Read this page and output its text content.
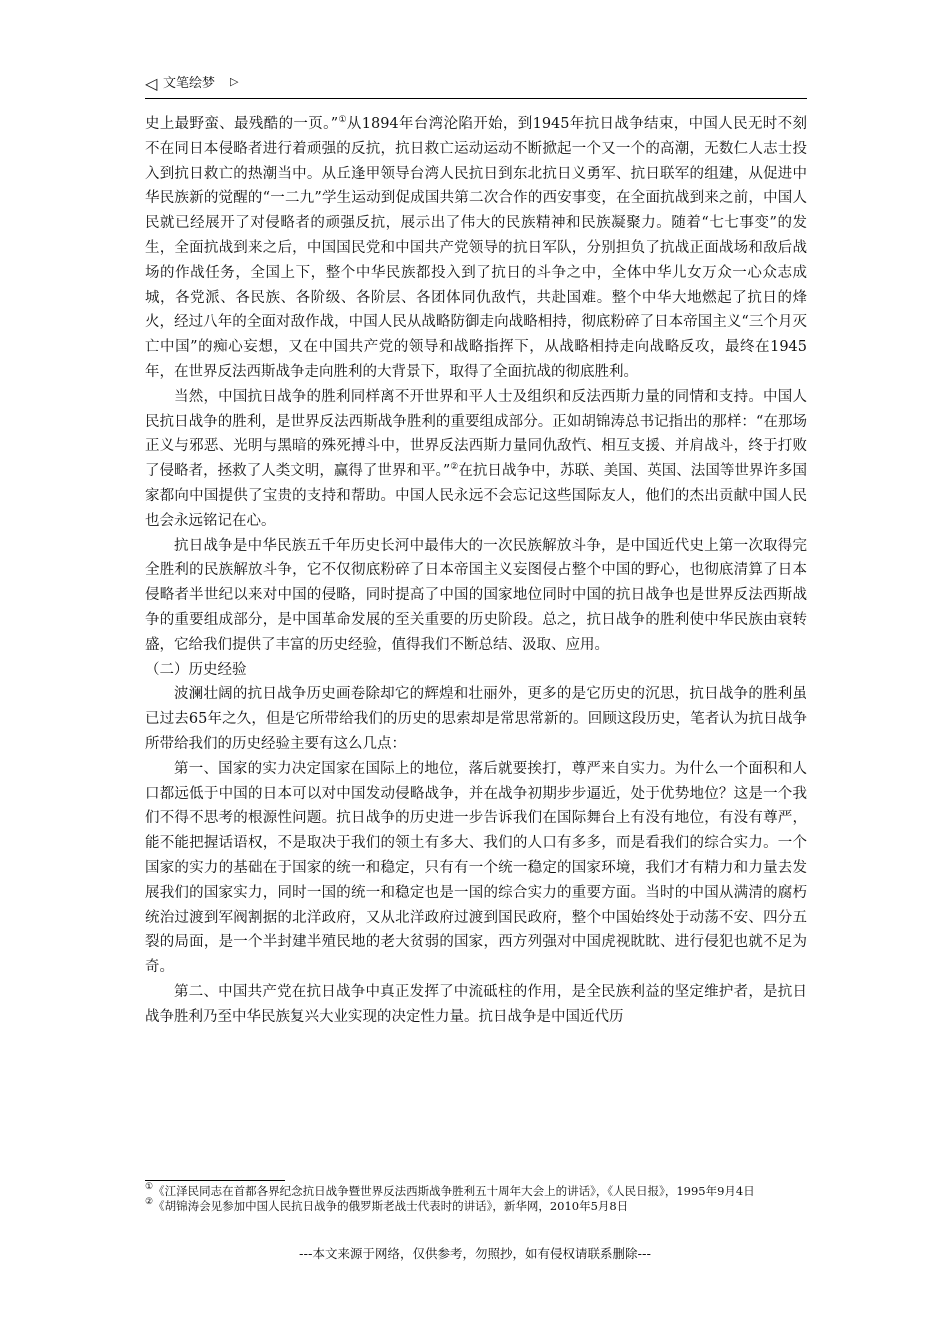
◁ 文笔绘梦 ▷

史上最野蛮、最残酷的一页。”①从1894年台湾沦陷开始，到1945年抗日战争结束，中国人民无时不刻不在同日本侵略者进行着顽强的反抗，抗日救亡运动运动不断掀起一个又一个的高潮，无数仁人志士投入到抗日救亡的热潮当中。从丘逢甲领导台湾人民抗日到东北抗日义勇军、抗日联军的组建，从促进中华民族新的觉醒的“一二九”学生运动到促成国共第二次合作的西安事变，在全面抗战到来之前，中国人民就已经展开了对侵略者的顽强反抗，展示出了伟大的民族精神和民族凝聚力。随着“七七事变”的发生，全面抗战到来之后，中国国民党和中国共产党领导的抗日军队，分别担负了抗战正面战场和敌后战场的作战任务，全国上下，整个中华民族都投入到了抗日的斗争之中，全体中华儿女万众一心众志成城，各党派、各民族、各阶级、各阶层、各团体同仇敌忾，共赴国难。整个中华大地燃起了抗日的烽火，经过八年的全面对敌作战，中国人民从战略防御走向战略相持，彻底粉碎了日本帝国主义“三个月灭亡中国”的痴心妄想，又在中国共产党的领导和战略指挥下，从战略相持走向战略反攻，最终在1945年，在世界反法西斯战争走向胜利的大背景下，取得了全面抗战的彻底胜利。

当然，中国抗日战争的胜利同样离不开世界和平人士及组织和反法西斯力量的同情和支持。中国人民抗日战争的胜利，是世界反法西斯战争胜利的重要组成部分。正如胡锦涛总书记指出的那样：“在那场正义与邪恶、光明与黑暗的殊死搏斗中，世界反法西斯力量同仇敌忾、相互支援、并肩战斗，终于打败了侵略者，拯救了人类文明，赢得了世界和平。”②在抗日战争中，苏联、美国、英国、法国等世界许多国家都向中国提供了宝贵的支持和帮助。中国人民永远不会忘记这些国际友人，他们的杰出贡献中国人民也会永远铭记在心。

抗日战争是中华民族五千年历史长河中最伟大的一次民族解放斗争，是中国近代史上第一次取得完全胜利的民族解放斗争，它不仅彻底粉碎了日本帝国主义妄图侵占整个中国的野心，也彻底清算了日本侵略者半世纪以来对中国的侵略，同时提高了中国的国家地位同时中国的抗日战争也是世界反法西斯战争的重要组成部分，是中国革命发展的至关重要的历史阶段。总之，抗日战争的胜利使中华民族由衰转盛，它给我们提供了丰富的历史经验，值得我们不断总结、汲取、应用。

（二）历史经验

波澜壮阔的抗日战争历史画卷除却它的辉煌和壮丽外，更多的是它历史的沉思，抗日战争的胜利虽已过去65年之久，但是它所带给我们的历史的思索却是常思常新的。回顾这段历史，笔者认为抗日战争所带给我们的历史经验主要有这么几点：

第一、国家的实力决定国家在国际上的地位，落后就要挨打，尊严来自实力。为什么一个面积和人口都远低于中国的日本可以对中国发动侵略战争，并在战争初期步步逼近，处于优势地位？这是一个我们不得不思考的根源性问题。抗日战争的历史进一步告诉我们在国际舞台上有没有地位，有没有尊严，能不能把握话语权，不是取决于我们的领土有多大、我们的人口有多多，而是看我们的综合实力。一个国家的实力的基础在于国家的统一和稳定，只有有一个统一稳定的国家环境，我们才有精力和力量去发展我们的国家实力，同时一国的统一和稳定也是一国的综合实力的重要方面。当时的中国从满清的腐朽统治过渡到军阀割据的北洋政府，又从北洋政府过渡到国民政府，整个中国始终处于动荡不安、四分五裂的局面，是一个半封建半殖民地的老大贫弱的国家，西方列强对中国虎视眈眈、进行侵犯也就不足为奇。

第二、中国共产党在抗日战争中真正发挥了中流砥柱的作用，是全民族利益的坚定维护者，是抗日战争胜利乃至中华民族复兴大业实现的决定性力量。抗日战争是中国近代历

①《江泽民同志在首都各界纪念抗日战争暨世界反法西斯战争胜利五十周年大会上的讲话》，《人民日报》，1995年9月4日

②《胡锦涛会见参加中国人民抗日战争的俄罗斯老战士代表时的讲话》，新华网，2010年5月8日

---本文来源于网络，仅供参考，勿照抄，如有侵权请联系删除---
